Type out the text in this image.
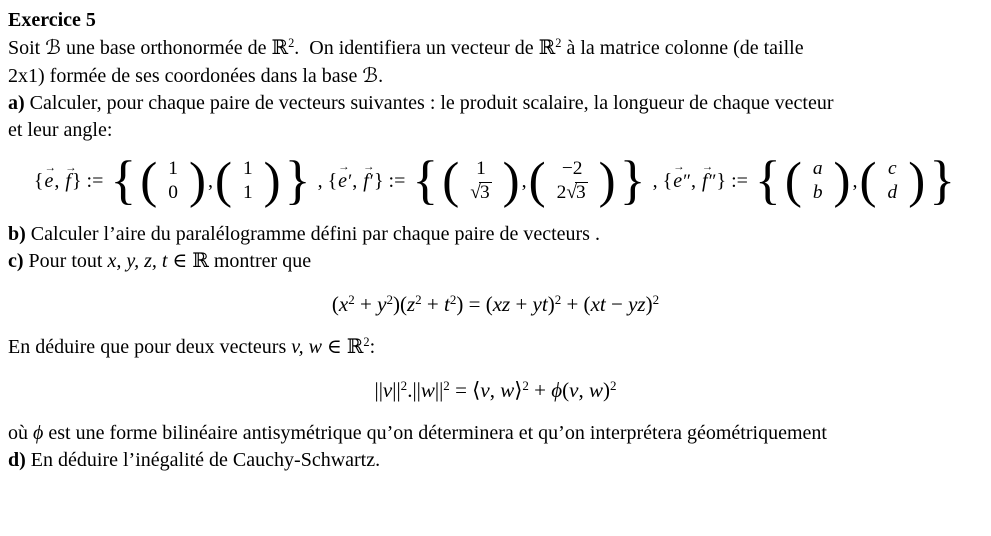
Exercice 5
Soit ℬ une base orthonormée de ℝ$^2$.  On identifiera un vecteur de ℝ$^2$ à la matrice colonne (de taille
2x1) formée de ses coordonées dans la base ℬ.
a) Calculer, pour chaque paire de vecteurs suivantes : le produit scalaire, la longueur de chaque vecteur
et leur angle:
{
→
e ,
→
f } := { ( 1
0 ) , ( 1
1 ) } , {
→
e′ ,
→
f′ } := { ( 1
√3 ) , ( −2
2√3 ) } , {
→
e″ ,
→
f″ } := { ( a
b ) , ( c
d ) }
b) Calculer l’aire du paralélogramme défini par chaque paire de vecteurs .
c) Pour tout x, y, z, t ∈ ℝ montrer que
$(x^2 + y^2)(z^2 + t^2) = (xz + yt)^2 + (xt - yz)^2$
En déduire que pour deux vecteurs v, w ∈ ℝ$^2$:
$||v||^2.||w||^2$ = ⟨v, w⟩$^2$ + ϕ(v, w)$^2$
où ϕ est une forme bilinéaire antisymétrique qu’on déterminera et qu’on interprétera géométriquement
d) En déduire l’inégalité de Cauchy-Schwartz.
